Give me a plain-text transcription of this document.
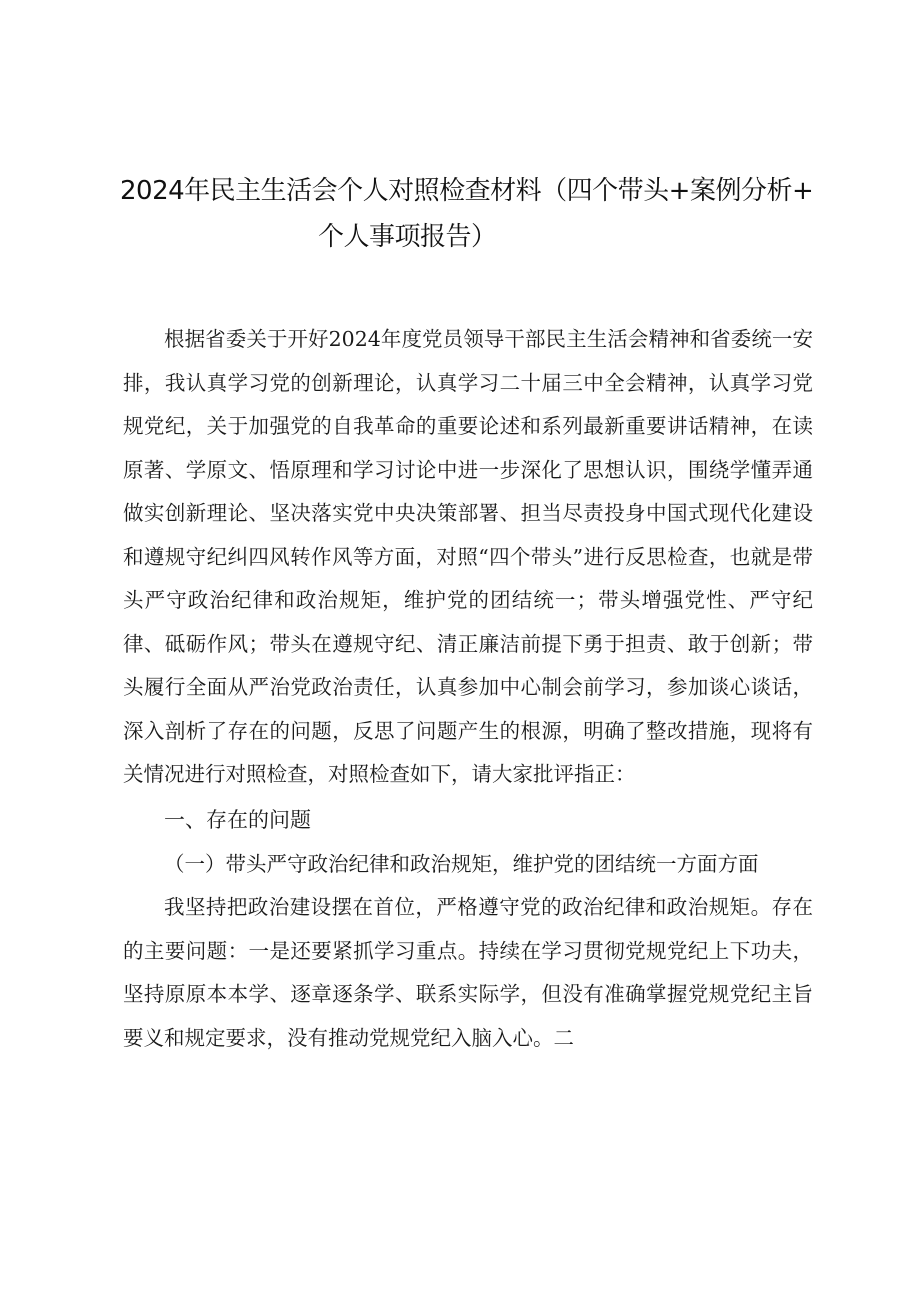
2024年民主生活会个人对照检查材料（四个带头+案例分析+
个人事项报告）

根据省委关于开好2024年度党员领导干部民主生活会精神和省委统一安排，我认真学习党的创新理论，认真学习二十届三中全会精神，认真学习党规党纪，关于加强党的自我革命的重要论述和系列最新重要讲话精神，在读原著、学原文、悟原理和学习讨论中进一步深化了思想认识，围绕学懂弄通做实创新理论、坚决落实党中央决策部署、担当尽责投身中国式现代化建设和遵规守纪纠四风转作风等方面，对照“四个带头”进行反思检查，也就是带头严守政治纪律和政治规矩，维护党的团结统一；带头增强党性、严守纪律、砥砺作风；带头在遵规守纪、清正廉洁前提下勇于担责、敢于创新；带头履行全面从严治党政治责任，认真参加中心制会前学习，参加谈心谈话，深入剖析了存在的问题，反思了问题产生的根源，明确了整改措施，现将有关情况进行对照检查，对照检查如下，请大家批评指正：

一、存在的问题

（一）带头严守政治纪律和政治规矩，维护党的团结统一方面方面

我坚持把政治建设摆在首位，严格遵守党的政治纪律和政治规矩。存在的主要问题：一是还要紧抓学习重点。持续在学习贯彻党规党纪上下功夫，坚持原原本本学、逐章逐条学、联系实际学，但没有准确掌握党规党纪主旨要义和规定要求，没有推动党规党纪入脑入心。二
